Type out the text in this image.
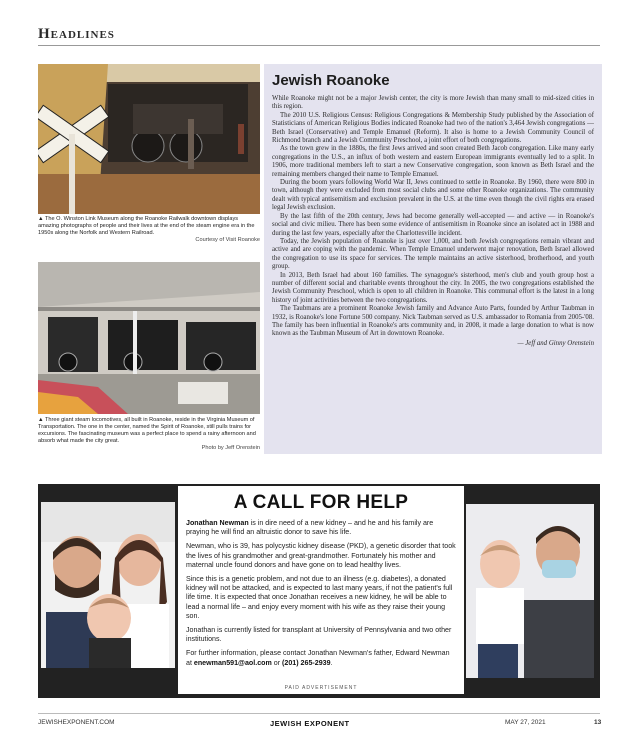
Headlines
▲ The O. Winston Link Museum along the Roanoke Railwalk downtown displays amazing photographs of people and their lives at the end of the steam engine era in the 1950s along the Norfolk and Western Railroad.
Courtesy of Visit Roanoke
▲ Three giant steam locomotives, all built in Roanoke, reside in the Virginia Museum of Transportation. The one in the center, named the Spirit of Roanoke, still pulls trains for excursions. The fascinating museum was a perfect place to spend a rainy afternoon and absorb what made the city great.
Photo by Jeff Orenstein
Jewish Roanoke

While Roanoke might not be a major Jewish center, the city is more Jewish than many small to mid-sized cities in this region.

The 2010 U.S. Religious Census: Religious Congregations & Membership Study published by the Association of Statisticians of American Religious Bodies indicated Roanoke had two of the nation's 3,464 Jewish congregations — Beth Israel (Conservative) and Temple Emanuel (Reform). It also is home to a Jewish Community Council of Richmond branch and a Jewish Community Preschool, a joint effort of both congregations.

As the town grew in the 1880s, the first Jews arrived and soon created Beth Jacob congregation. Like many early congregations in the U.S., an influx of both western and eastern European immigrants eventually led to a split. In 1906, more traditional members left to start a new Conservative congregation, soon known as Beth Israel and the remaining members changed their name to Temple Emanuel.

During the boom years following World War II, Jews continued to settle in Roanoke. By 1960, there were 800 in town, although they were excluded from most social clubs and some other Roanoke organizations. The community dealt with typical antisemitism and exclusion prevalent in the U.S. at the time even though the civil rights era erased legal Jewish exclusion.

By the last fifth of the 20th century, Jews had become generally well-accepted — and active — in Roanoke's social and civic milieu. There has been some evidence of antisemitism in Roanoke since an isolated act in 1988 and during the last few years, especially after the Charlottesville incident.

Today, the Jewish population of Roanoke is just over 1,000, and both Jewish congregations remain vibrant and active and are coping with the pandemic. When Temple Emanuel underwent major renovation, Beth Israel allowed the congregation to use its space for services. The temple maintains an active sisterhood, brotherhood, and youth group.

In 2013, Beth Israel had about 160 families. The synagogue's sisterhood, men's club and youth group host a number of different social and charitable events throughout the city. In 2005, the two congregations established the Jewish Community Preschool, which is open to all children in Roanoke. This communal effort is the latest in a long history of joint activities between the two congregations.

The Taubmans are a prominent Roanoke Jewish family and Advance Auto Parts, founded by Arthur Taubman in 1932, is Roanoke's lone Fortune 500 company. Nick Taubman served as U.S. ambassador to Romania from 2005-'08. The family has been influential in Roanoke's arts community and, in 2008, it made a large donation to what is now known as the Taubman Museum of Art in downtown Roanoke.

— Jeff and Ginny Orenstein
A CALL FOR HELP

Jonathan Newman is in dire need of a new kidney – and he and his family are praying he will find an altruistic donor to save his life.

Newman, who is 39, has polycystic kidney disease (PKD), a genetic disorder that took the lives of his grandmother and great-grandmother. Fortunately his mother and maternal uncle found donors and have gone on to lead healthy lives.

Since this is a genetic problem, and not due to an illness (e.g. diabetes), a donated kidney will not be attacked, and is expected to last many years, if not the patient's full life time. It is expected that once Jonathan receives a new kidney, he will be able to lead a normal life – and enjoy every moment with his wife as they raise their young son.

Jonathan is currently listed for transplant at University of Pennsylvania and two other institutions.

For further information, please contact Jonathan Newman's father, Edward Newman at enewman591@aol.com or (201) 265-2939.

PAID ADVERTISEMENT
JEWISHEXPONENT.COM	JEWISH EXPONENT	MAY 27, 2021	13
